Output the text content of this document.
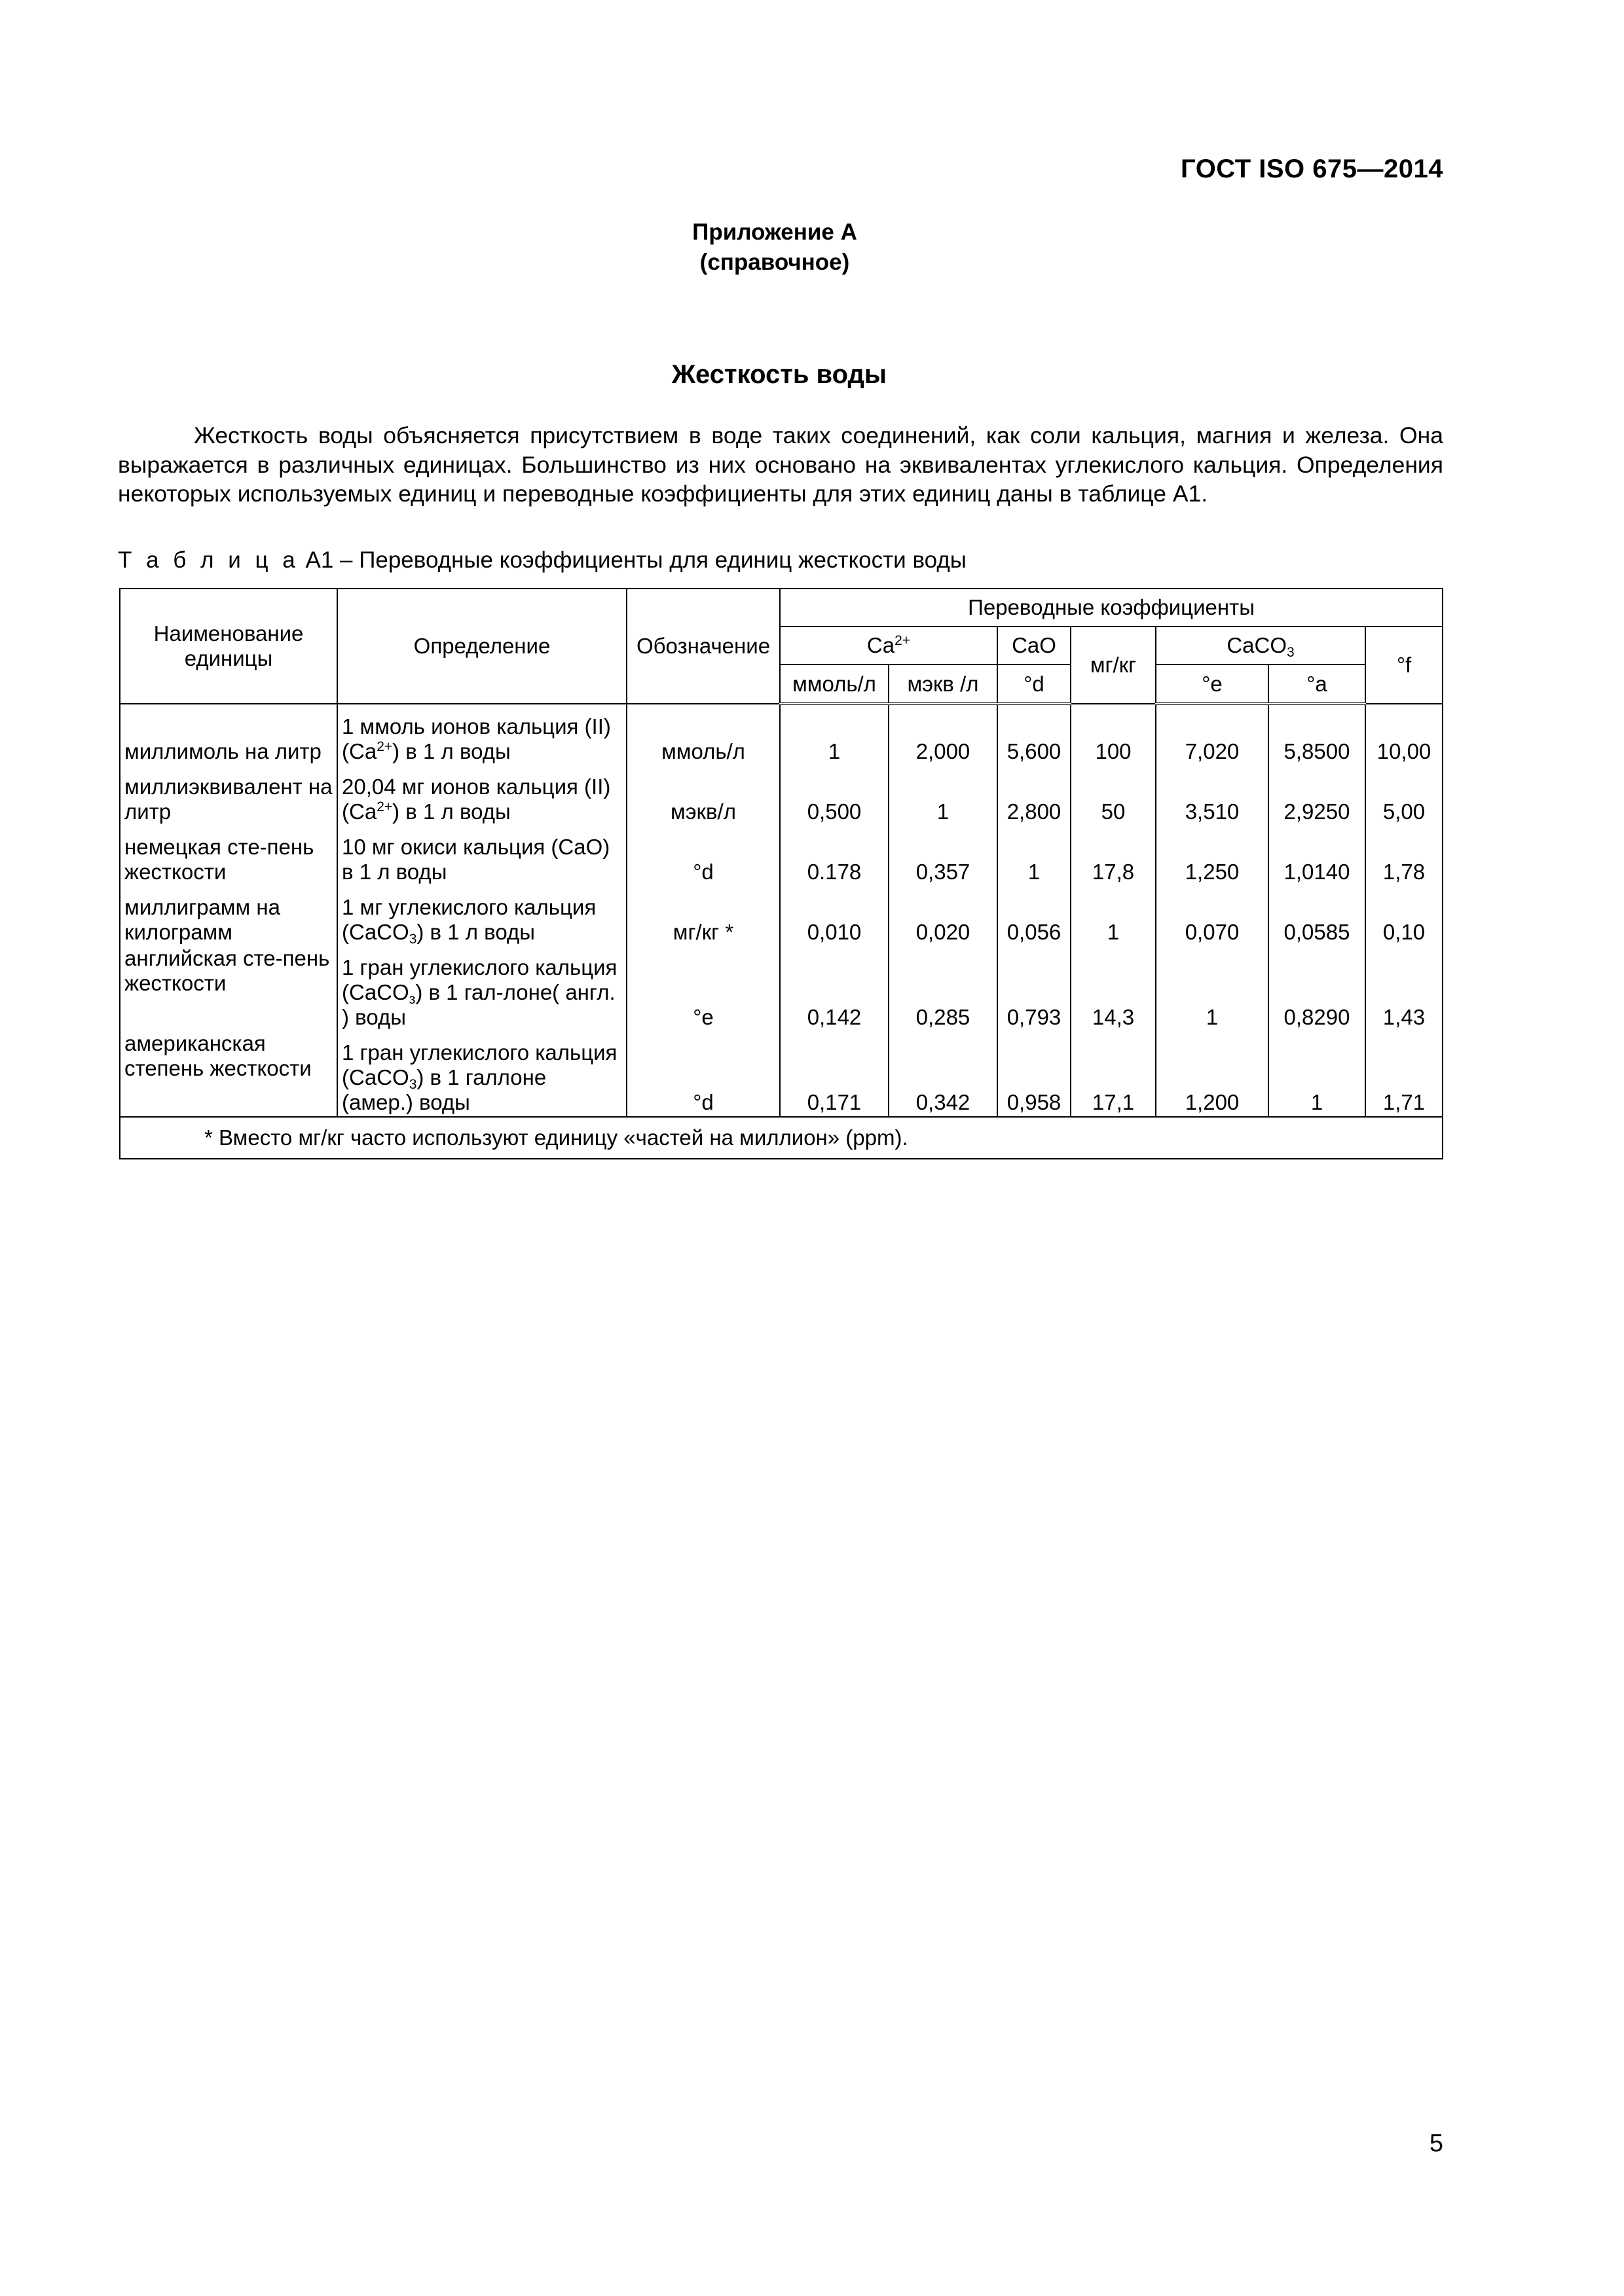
ГОСТ ISO 675—2014
Приложение А
(справочное)
Жесткость воды

Жесткость воды объясняется присутствием в воде таких соединений, как соли кальция, магния и железа. Она выражается в различных единицах. Большинство из них основано на эквивалентах углекислого кальция. Определения некоторых используемых единиц и переводные коэффициенты для этих единиц даны в таблице А1.

Т а б л и ц а А1 – Переводные коэффициенты для единиц жесткости воды
Наименование единицы	Определение	Обозначение	Переводные коэффициенты						
			$Ca^{2+}$		CaO	мг/кг	CaCO$_3$		°f
			ммоль/л	мэкв /л	°d		°e	°a	
миллимоль на литр	1 ммоль ионов кальция (II) $(Ca^{2+})$ в 1 л воды	ммоль/л	1	2,000	5,600	100	7,020	5,8500	10,00
миллиэквивалент на литр	20,04 мг ионов кальция (II) $(Ca^{2+})$ в 1 л воды	мэкв/л	0,500	1	2,800	50	3,510	2,9250	5,00
немецкая сте-пень жесткости	10 мг окиси кальция (CaO) в 1 л воды	°d	0.178	0,357	1	17,8	1,250	1,0140	1,78
миллиграмм на килограмм	1 мг углекислого кальция (CaCO$_3$) в 1 л воды	мг/кг *	0,010	0,020	0,056	1	0,070	0,0585	0,10
английская сте-пень жесткости	1 гран углекислого кальция (CaCO$_з$) в 1 гал-лоне( англ. ) воды	°e	0,142	0,285	0,793	14,3	1	0,8290	1,43
американская степень жесткости	1 гран углекислого кальция (CaCO$_3$) в 1 галлоне (амер.) воды	°d	0,171	0,342	0,958	17,1	1,200	1	1,71
* Вместо мг/кг часто используют единицу «частей на миллион» (ppm).									
5
